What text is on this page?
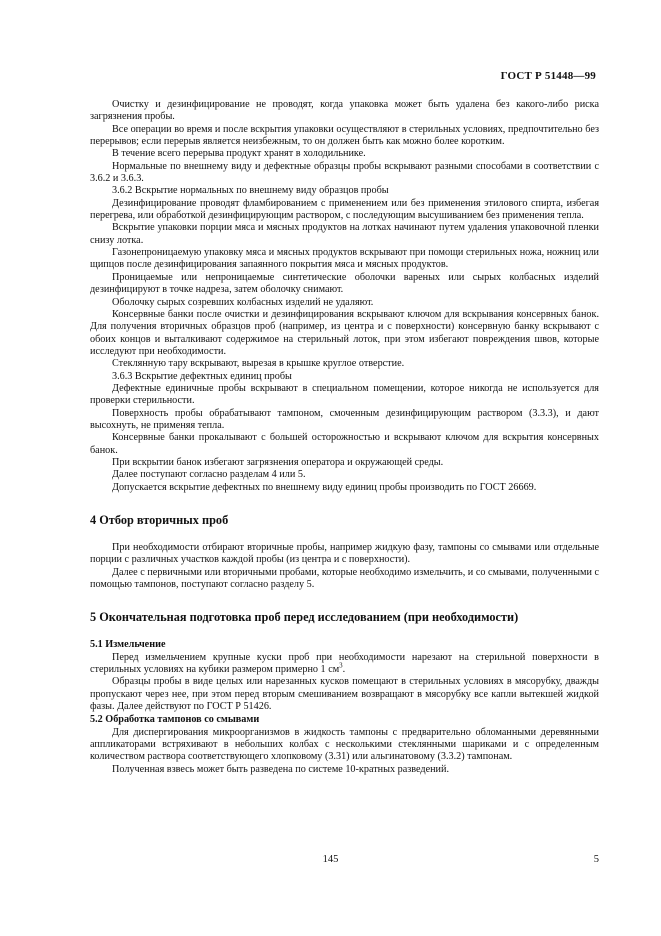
ГОСТ Р 51448—99

Очистку и дезинфицирование не проводят, когда упаковка может быть удалена без какого-либо риска загрязнения пробы.

Все операции во время и после вскрытия упаковки осуществляют в стерильных условиях, предпочтительно без перерывов; если перерыв является неизбежным, то он должен быть как можно более коротким.

В течение всего перерыва продукт хранят в холодильнике.

Нормальные по внешнему виду и дефектные образцы пробы вскрывают разными способами в соответствии с 3.6.2 и 3.6.3.

3.6.2 Вскрытие нормальных по внешнему виду образцов пробы

Дезинфицирование проводят фламбированием с применением или без применения этилового спирта, избегая перегрева, или обработкой дезинфицирующим раствором, с последующим высушиванием без применения тепла.

Вскрытие упаковки порции мяса и мясных продуктов на лотках начинают путем удаления упаковочной пленки снизу лотка.

Газонепроницаемую упаковку мяса и мясных продуктов вскрывают при помощи стерильных ножа, ножниц или щипцов после дезинфицирования запаянного покрытия мяса и мясных продуктов.

Проницаемые или непроницаемые синтетические оболочки вареных или сырых колбасных изделий дезинфицируют в точке надреза, затем оболочку снимают.

Оболочку сырых созревших колбасных изделий не удаляют.

Консервные банки после очистки и дезинфицирования вскрывают ключом для вскрывания консервных банок. Для получения вторичных образцов проб (например, из центра и с поверхности) консервную банку вскрывают с обоих концов и выталкивают содержимое на стерильный лоток, при этом избегают повреждения швов, которые исследуют при необходимости.

Стеклянную тару вскрывают, вырезая в крышке круглое отверстие.

3.6.3 Вскрытие дефектных единиц пробы

Дефектные единичные пробы вскрывают в специальном помещении, которое никогда не используется для проверки стерильности.

Поверхность пробы обрабатывают тампоном, смоченным дезинфицирующим раствором (3.3.3), и дают высохнуть, не применяя тепла.

Консервные банки прокалывают с большей осторожностью и вскрывают ключом для вскрытия консервных банок.

При вскрытии банок избегают загрязнения оператора и окружающей среды.

Далее поступают согласно разделам 4 или 5.

Допускается вскрытие дефектных по внешнему виду единиц пробы производить по ГОСТ 26669.

4 Отбор вторичных проб

При необходимости отбирают вторичные пробы, например жидкую фазу, тампоны со смывами или отдельные порции с различных участков каждой пробы (из центра и с поверхности).

Далее с первичными или вторичными пробами, которые необходимо измельчить, и со смывами, полученными с помощью тампонов, поступают согласно разделу 5.

5 Окончательная подготовка проб перед исследованием (при необходимости)
5.1 Измельчение

Перед измельчением крупные куски проб при необходимости нарезают на стерильной поверхности в стерильных условиях на кубики размером примерно 1 $см^3$.

Образцы пробы в виде целых или нарезанных кусков помещают в стерильных условиях в мясорубку, дважды пропускают через нее, при этом перед вторым смешиванием возвращают в мясорубку все капли вытекшей жидкой фазы. Далее действуют по ГОСТ Р 51426.

5.2 Обработка тампонов со смывами

Для диспергирования микроорганизмов в жидкость тампоны с предварительно обломанными деревянными аппликаторами встряхивают в небольших колбах с несколькими стеклянными шариками и с определенным количеством раствора соответствующего хлопковому (3.31) или альгинатовому (3.3.2) тампонам.

Полученная взвесь может быть разведена по системе 10-кратных разведений.

145	5
